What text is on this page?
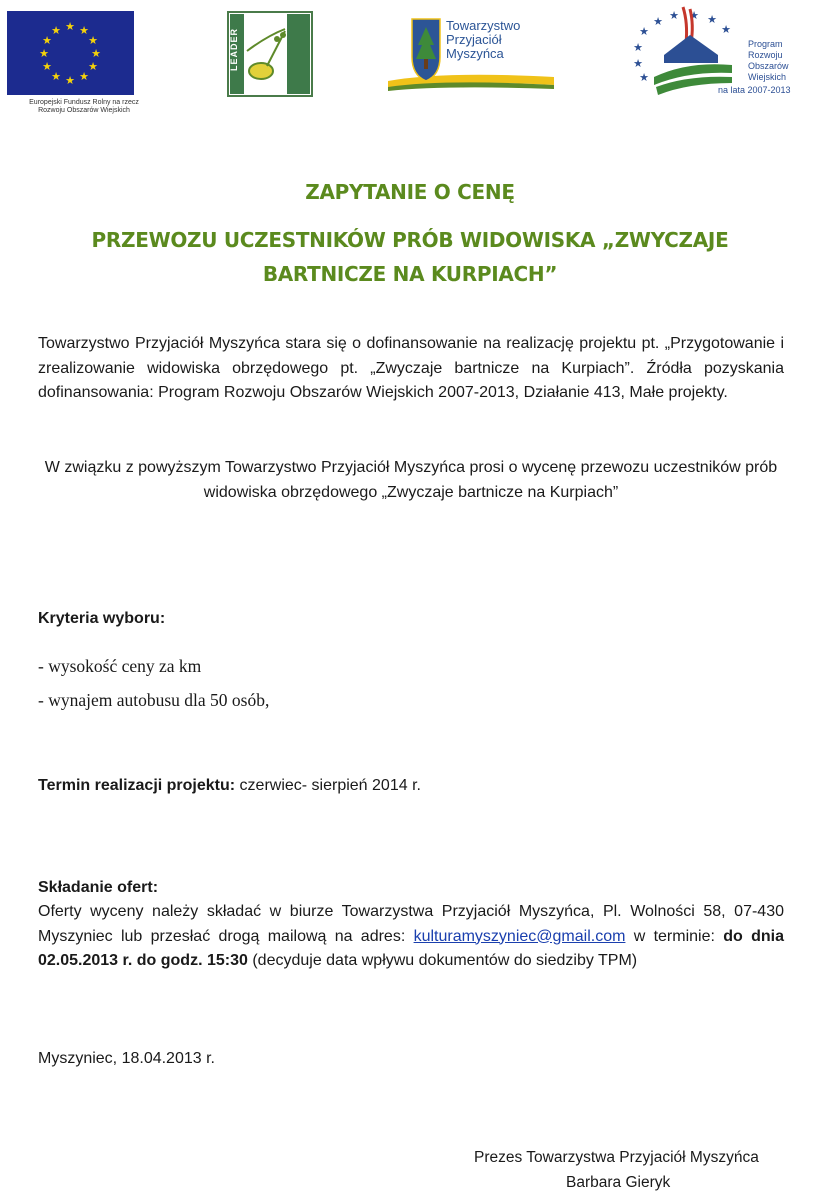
★ ★
★
★
★
★
★
★
★
★
★
★
Europejski Fundusz Rolny na rzecz
Rozwoju Obszarów Wiejskich
LEADER
Towarzystwo
Przyjaciół
Myszyńca
★
★
★
★
★
★ ★ ★
★
Program
Rozwoju
Obszarów
Wiejskich
na lata 2007-2013
ZAPYTANIE O CENĘ
PRZEWOZU UCZESTNIKÓW PRÓB WIDOWISKA „ZWYCZAJE
BARTNICZE NA KURPIACH”
Towarzystwo Przyjaciół Myszyńca stara się o dofinansowanie na realizację projektu pt. „Przygotowanie i zrealizowanie widowiska obrzędowego pt. „Zwyczaje bartnicze na Kurpiach”. Źródła pozyskania dofinansowania: Program Rozwoju Obszarów Wiejskich 2007-2013, Działanie 413, Małe projekty.
W związku z powyższym Towarzystwo Przyjaciół Myszyńca prosi o wycenę przewozu uczestników prób widowiska obrzędowego „Zwyczaje bartnicze na Kurpiach”
Kryteria wyboru:
- wysokość ceny za km
- wynajem autobusu dla 50 osób,
Termin realizacji projektu: czerwiec- sierpień 2014 r.
Składanie ofert:
Oferty wyceny należy składać w biurze Towarzystwa Przyjaciół Myszyńca, Pl. Wolności 58, 07-430 Myszyniec lub przesłać drogą mailową na adres: kulturamyszyniec@gmail.com w terminie: do dnia 02.05.2013 r. do godz. 15:30 (decyduje data wpływu dokumentów do siedziby TPM)
Myszyniec, 18.04.2013 r.
Prezes Towarzystwa Przyjaciół Myszyńca
Barbara Gieryk
